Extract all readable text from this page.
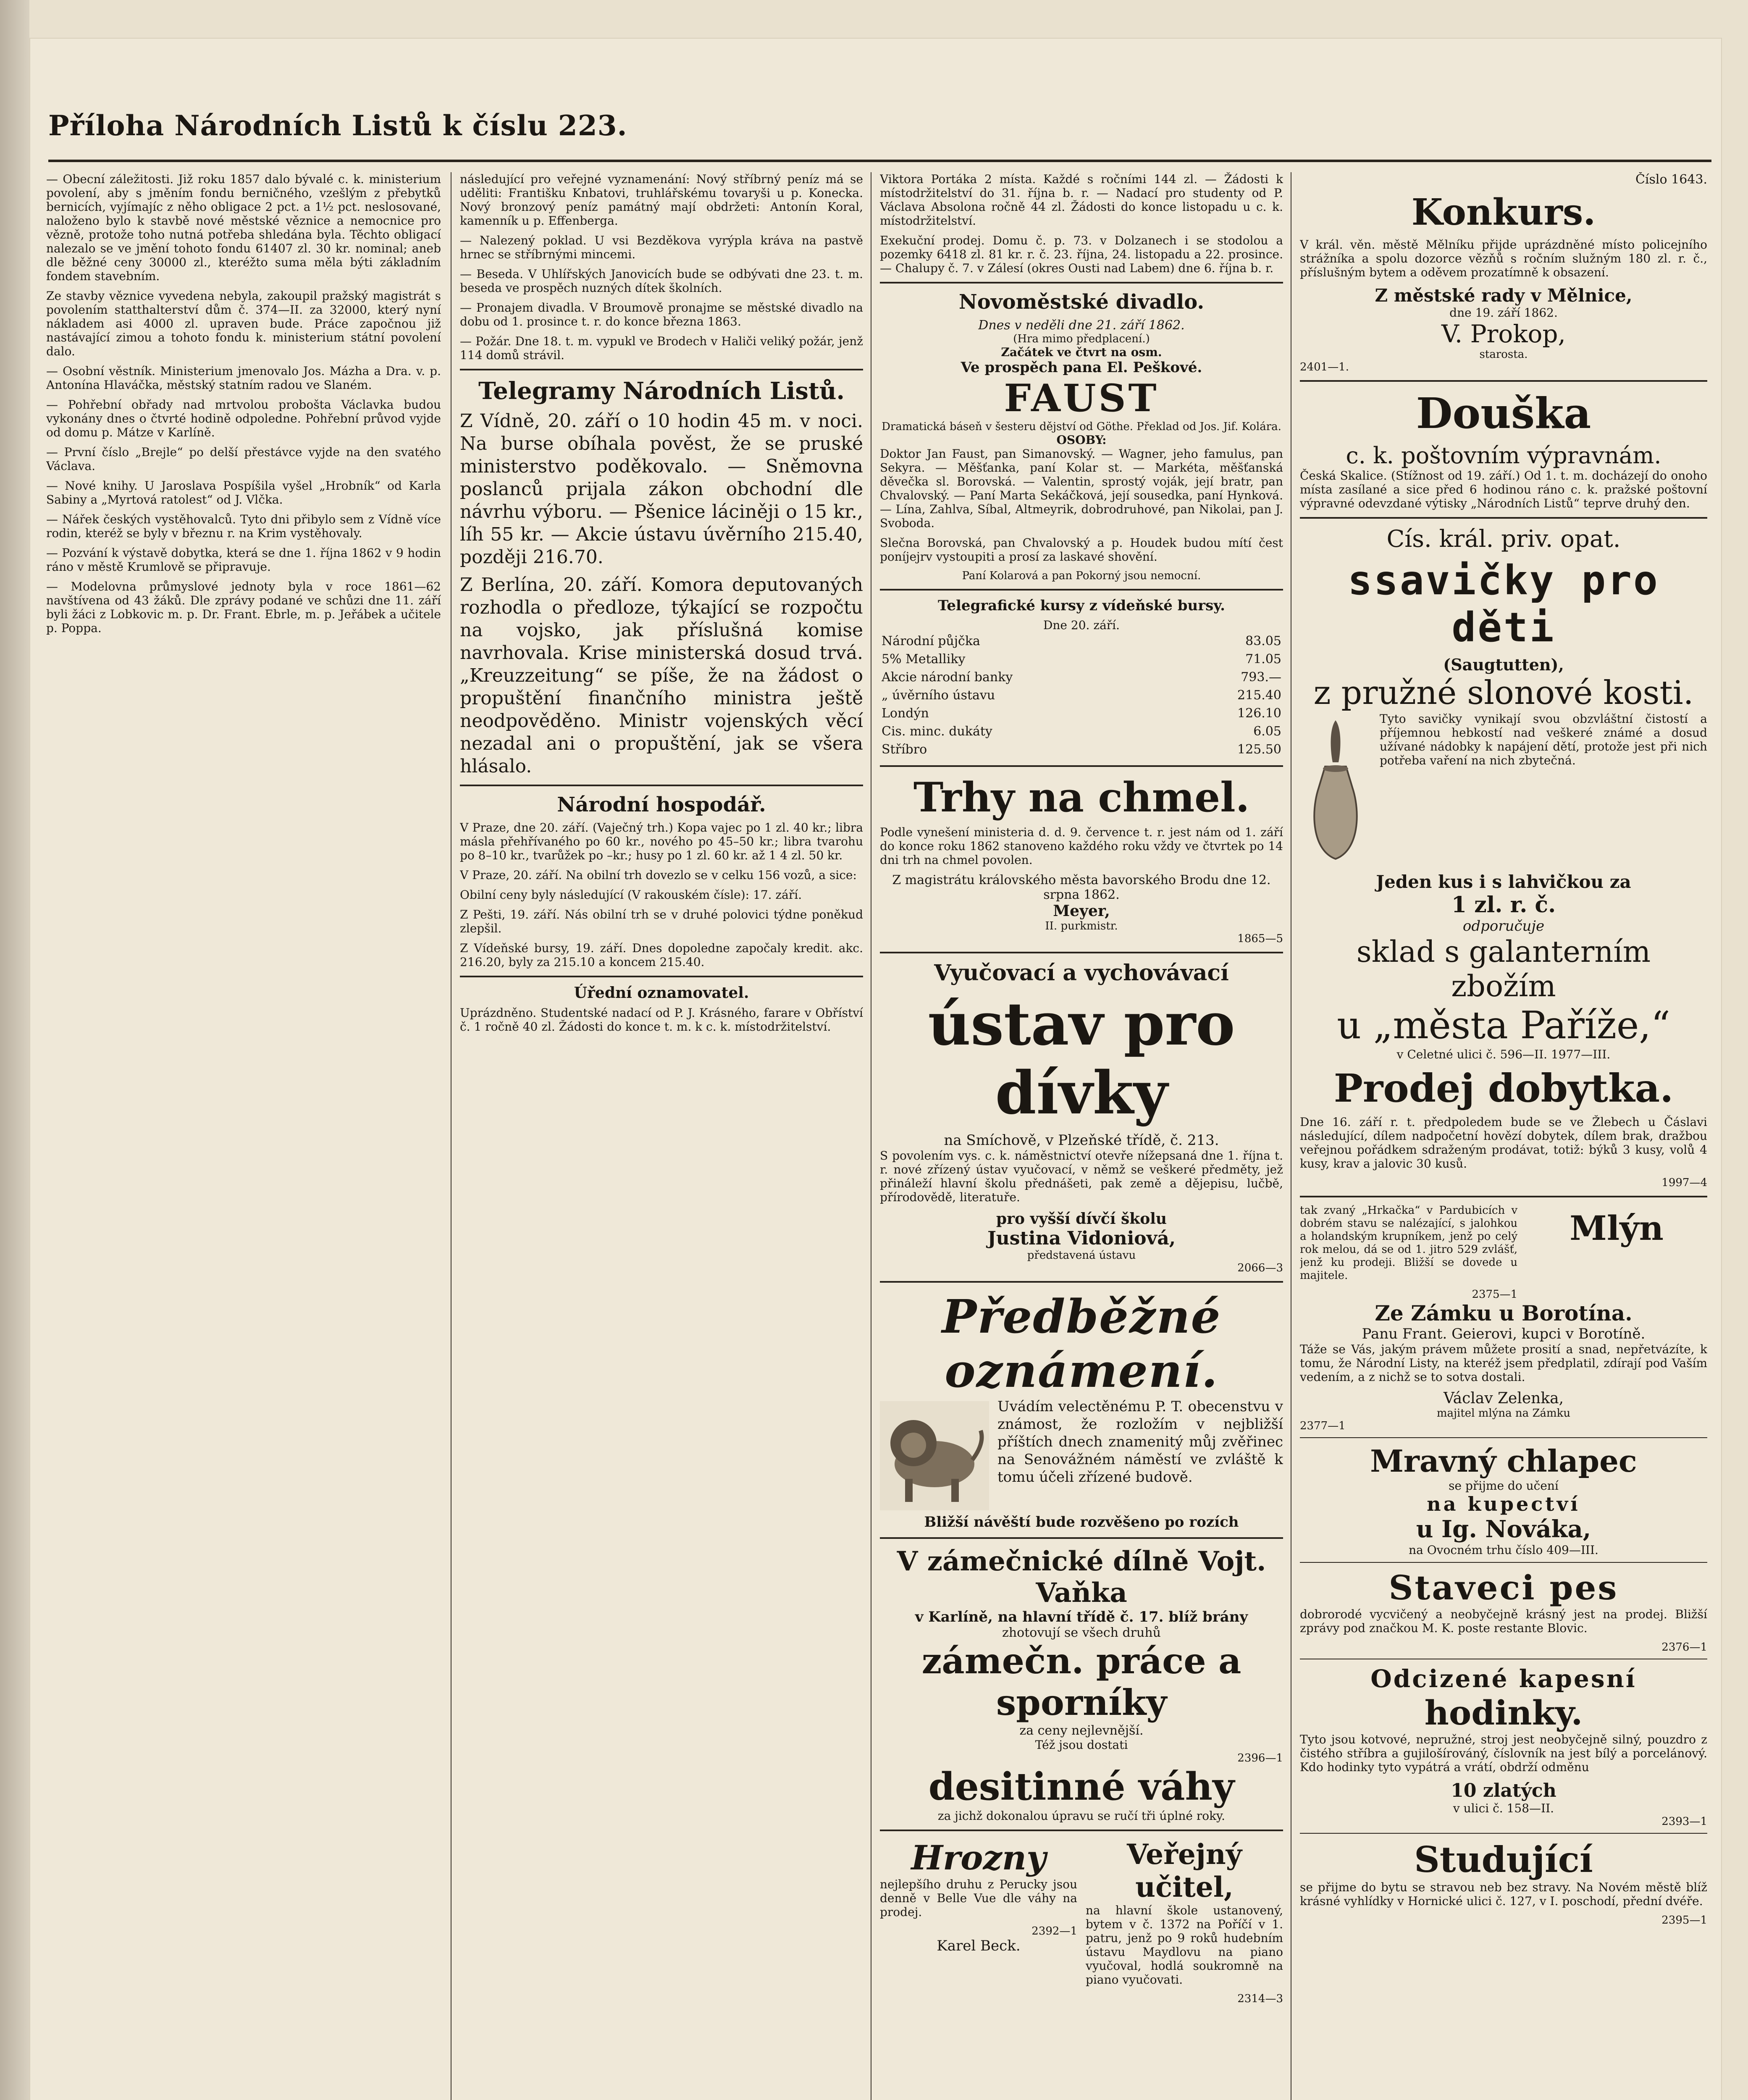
Příloha Národních Listů k číslu 223.

— Obecní záležitosti. Již roku 1857 dalo bývalé c. k. ministerium povolení, aby s jměním fondu berničného, vzešlým z přebytků bernicích, vyjímajíc z něho obligace 2 pct. a 1½ pct. neslosované, naloženo bylo k stavbě nové městské věznice a nemocnice pro vězně, protože toho nutná potřeba shledána byla. Těchto obligací nalezalo se ve jmění tohoto fondu 61407 zl. 30 kr. nominal; aneb dle běžné ceny 30000 zl., kteréžto suma měla býti základním fondem stavebním.

Ze stavby věznice vyvedena nebyla, zakoupil pražský magistrát s povolením statthalterství dům č. 374—II. za 32000, který nyní nákladem asi 4000 zl. upraven bude. Práce započnou již nastávající zimou a tohoto fondu k. ministerium státní povolení dalo.

— Osobní věstník. Ministerium jmenovalo Jos. Mázha a Dra. v. p. Antonína Hlaváčka, městský statním radou ve Slaném.

— Pohřební obřady nad mrtvolou probošta Václavka budou vykonány dnes o čtvrté hodině odpoledne. Pohřební průvod vyjde od domu p. Mátze v Karlíně.

— První číslo „Brejle“ po delší přestávce vyjde na den svatého Václava.

— Nové knihy. U Jaroslava Pospíšila vyšel „Hrobník“ od Karla Sabiny a „Myrtová ratolest“ od J. Vlčka.

— Nářek českých vystěhovalců. Tyto dni přibylo sem z Vídně více rodin, kteréž se byly v březnu r. na Krim vystěhovaly.

— Pozvání k výstavě dobytka, která se dne 1. října 1862 v 9 hodin ráno v městě Krumlově se připravuje.

— Modelovna průmyslové jednoty byla v roce 1861—62 navštívena od 43 žáků. Dle zprávy podané ve schůzi dne 11. září byli žáci z Lobkovic m. p. Dr. Frant. Ebrle, m. p. Jeřábek a učitele p. Poppa.

následující pro veřejné vyznamenání: Nový stříbrný peníz má se uděliti: Františku Knbatovi, truhlářskému tovaryši u p. Konecka. Nový bronzový peníz památný mají obdržeti: Antonín Koral, kamenník u p. Effenberga.

— Nalezený poklad. U vsi Bezděkova vyrýpla kráva na pastvě hrnec se stříbrnými mincemi.

— Beseda. V Uhlířských Janovicích bude se odbývati dne 23. t. m. beseda ve prospěch nuzných dítek školních.

— Pronajem divadla. V Broumově pronajme se městské divadlo na dobu od 1. prosince t. r. do konce března 1863.

— Požár. Dne 18. t. m. vypukl ve Brodech v Haliči veliký požár, jenž 114 domů strávil.

Telegramy Národních Listů.

Z Vídně, 20. září o 10 hodin 45 m. v noci. Na burse obíhala pověst, že se pruské ministerstvo poděkovalo. — Sněmovna poslanců prijala zákon obchodní dle návrhu výboru. — Pšenice láciněji o 15 kr., líh 55 kr. — Akcie ústavu úvěrního 215.40, později 216.70.

Z Berlína, 20. září. Komora deputovaných rozhodla o předloze, týkající se rozpočtu na vojsko, jak příslušná komise navrhovala. Krise ministerská dosud trvá. „Kreuzzeitung“ se píše, že na žádost o propuštění finančního ministra ještě neodpověděno. Ministr vojenských věcí nezadal ani o propuštění, jak se všera hlásalo.

Národní hospodář.

V Praze, dne 20. září. (Vaječný trh.) Kopa vajec po 1 zl. 40 kr.; libra másla přehřívaného po 60 kr., nového po 45–50 kr.; libra tvarohu po 8–10 kr., tvarůžek po –kr.; husy po 1 zl. 60 kr. až 1 4 zl. 50 kr.

V Praze, 20. září. Na obilní trh dovezlo se v celku 156 vozů, a sice:

Obilní ceny byly následující (V rakouském čísle): 17. září.

Z Pešti, 19. září. Nás obilní trh se v druhé polovici týdne poněkud zlepšil.

Z Vídeňské bursy, 19. září. Dnes dopoledne započaly kredit. akc. 216.20, byly za 215.10 a koncem 215.40.

Úřední oznamovatel.

Uprázdněno. Studentské nadací od P. J. Krásného, farare v Obříství č. 1 ročně 40 zl. Žádosti do konce t. m. k c. k. místodržitelství.

Viktora Portáka 2 místa. Každé s ročními 144 zl. — Žádosti k místodržitelství do 31. října b. r. — Nadací pro studenty od P. Václava Absolona ročně 44 zl. Žádosti do konce listopadu u c. k. místodržitelství.

Exekuční prodej. Domu č. p. 73. v Dolzanech i se stodolou a pozemky 6418 zl. 81 kr. r. č. 23. října, 24. listopadu a 22. prosince. — Chalupy č. 7. v Zálesí (okres Ousti nad Labem) dne 6. října b. r.

Novoměstské divadlo.
Dnes v neděli dne 21. září 1862.
(Hra mimo předplacení.)
Začátek ve čtvrt na osm.
Ve prospěch pana El. Peškové.
FAUST
Dramatická báseň v šesteru dějství od Göthe. Překlad od Jos. Jif. Kolára.
OSOBY:

Doktor Jan Faust, pan Simanovský. — Wagner, jeho famulus, pan Sekyra. — Měšťanka, paní Kolar st. — Markéta, měšťanská děvečka sl. Borovská. — Valentin, sprostý voják, její bratr, pan Chvalovský. — Paní Marta Sekáčková, její sousedka, paní Hynková. — Lína, Zahlva, Síbal, Altmeyrik, dobrodruhové, pan Nikolai, pan J. Svoboda.

Slečna Borovská, pan Chvalovský a p. Houdek budou mítí čest poníjejrv vystoupiti a prosí za laskavé shovění.

Paní Kolarová a pan Pokorný jsou nemocní.
Telegrafické kursy z vídeňské bursy.
Dne 20. září.
Národní půjčka	83.05
5% Metalliky	71.05
Akcie národní banky	793.—
„ úvěrního ústavu	215.40
Londýn	126.10
Cis. minc. dukáty	6.05
Stříbro	125.50
Trhy na chmel.

Podle vynešení ministeria d. d. 9. července t. r. jest nám od 1. září do konce roku 1862 stanoveno každého roku vždy ve čtvrtek po 14 dni trh na chmel povolen.

Z magistrátu královského města bavorského Brodu dne 12. srpna 1862.
Meyer,
II. purkmistr.
1865—5
Vyučovací a vychovávací
ústav pro dívky
na Smíchově, v Plzeňské třídě, č. 213.

S povolením vys. c. k. náměstnictví otevře nížepsaná dne 1. října t. r. nové zřízený ústav vyučovací, v němž se veškeré předměty, jež přináleží hlavní školu přednášeti, pak země a dějepisu, lučbě, přírodovědě, literatuře.

pro vyšší dívčí školu
Justina Vidoniová,
představená ústavu
2066—3
Předběžné oznámení.

Uvádím velectěnému P. T. obecenstvu v známost, že rozložím v nejbližší příštích dnech znamenitý můj zvěřinec na Senovážném náměstí ve zvláště k tomu účeli zřízené budově.

Bližší návěští bude rozvěšeno po rozích
V zámečnické dílně Vojt. Vaňka
v Karlíně, na hlavní třídě č. 17. blíž brány
zhotovují se všech druhů
zámečn. práce a sporníky
za ceny nejlevnější.
Též jsou dostati
2396—1
desitinné váhy
za jichž dokonalou úpravu se ručí tři úplné roky.
Hrozny

nejlepšího druhu z Perucky jsou denně v Belle Vue dle váhy na prodej.

2392—1
Karel Beck.
Veřejný učitel,

na hlavní škole ustanovený, bytem v č. 1372 na Poříčí v 1. patru, jenž po 9 roků hudebním ústavu Maydlovu na piano vyučoval, hodlá soukromně na piano vyučovati.

2314—3
Číslo 1643.
Konkurs.

V král. věn. městě Mělníku přijde uprázdněné místo policejního strážníka a spolu dozorce vězňů s ročním služným 180 zl. r. č., příslušným bytem a oděvem prozatímně k obsazení.

Z městské rady v Mělnice,
dne 19. září 1862.
V. Prokop,
starosta.
2401—1.
Douška
c. k. poštovním výpravnám.

Česká Skalice. (Stížnost od 19. září.) Od 1. t. m. docházejí do onoho místa zasílané a sice před 6 hodinou ráno c. k. pražské poštovní výpravné odevzdané výtisky „Národních Listů“ teprve druhý den.

Cís. král. priv. opat.
ssavičky pro děti
(Saugtutten),
z pružné slonové kosti.

Tyto savičky vynikají svou obzvláštní čistostí a příjemnou hebkostí nad veškeré známé a dosud užívané nádobky k napájení dětí, protože jest při nich potřeba vaření na nich zbytečná.

Jeden kus i s lahvičkou za
1 zl. r. č.
odporučuje
sklad s galanterním zbožím
u „města Paříže,“
v Celetné ulici č. 596—II. 1977—III.
Prodej dobytka.

Dne 16. září r. t. předpoledem bude se ve Žlebech u Čáslavi následující, dílem nadpočetní hovězí dobytek, dílem brak, dražbou veřejnou pořádkem sdraženým prodávat, totiž: býků 3 kusy, volů 4 kusy, krav a jalovic 30 kusů.

1997—4

tak zvaný „Hrkačka“ v Pardubicích v dobrém stavu se nalézající, s jalohkou a holandským krupníkem, jenž po celý rok melou, dá se od 1. jitro 529 zvlášť, jenž ku prodeji. Bližší se dovede u majitele.

2375—1
Mlýn
Ze Zámku u Borotína.
Panu Frant. Geierovi, kupci v Borotíně.

Táže se Vás, jakým právem můžete prosití a snad, nepřetvázíte, k tomu, že Národní Listy, na kteréž jsem předplatil, zdírají pod Vaším vedením, a z nichž se to sotva dostali.

Václav Zelenka,
majitel mlýna na Zámku
2377—1
Mravný chlapec
se přijme do učení
na kupectví
u Ig. Nováka,
na Ovocném trhu číslo 409—III.
Staveci pes

dobrorodé vycvičený a neobyčejně krásný jest na prodej. Bližší zprávy pod značkou M. K. poste restante Blovic.

2376—1
Odcizené kapesní
hodinky.

Tyto jsou kotvové, nepružné, stroj jest neobyčejně silný, pouzdro z čistého stříbra a gujilošírováný, číslovník na jest bílý a porcelánový. Kdo hodinky tyto vypátrá a vrátí, obdrží odměnu

10 zlatých
v ulici č. 158—II.
2393—1
Studující

se přijme do bytu se stravou neb bez stravy. Na Novém městě blíž krásné vyhlídky v Hornické ulici č. 127, v I. poschodí, přední dvéře.

2395—1
